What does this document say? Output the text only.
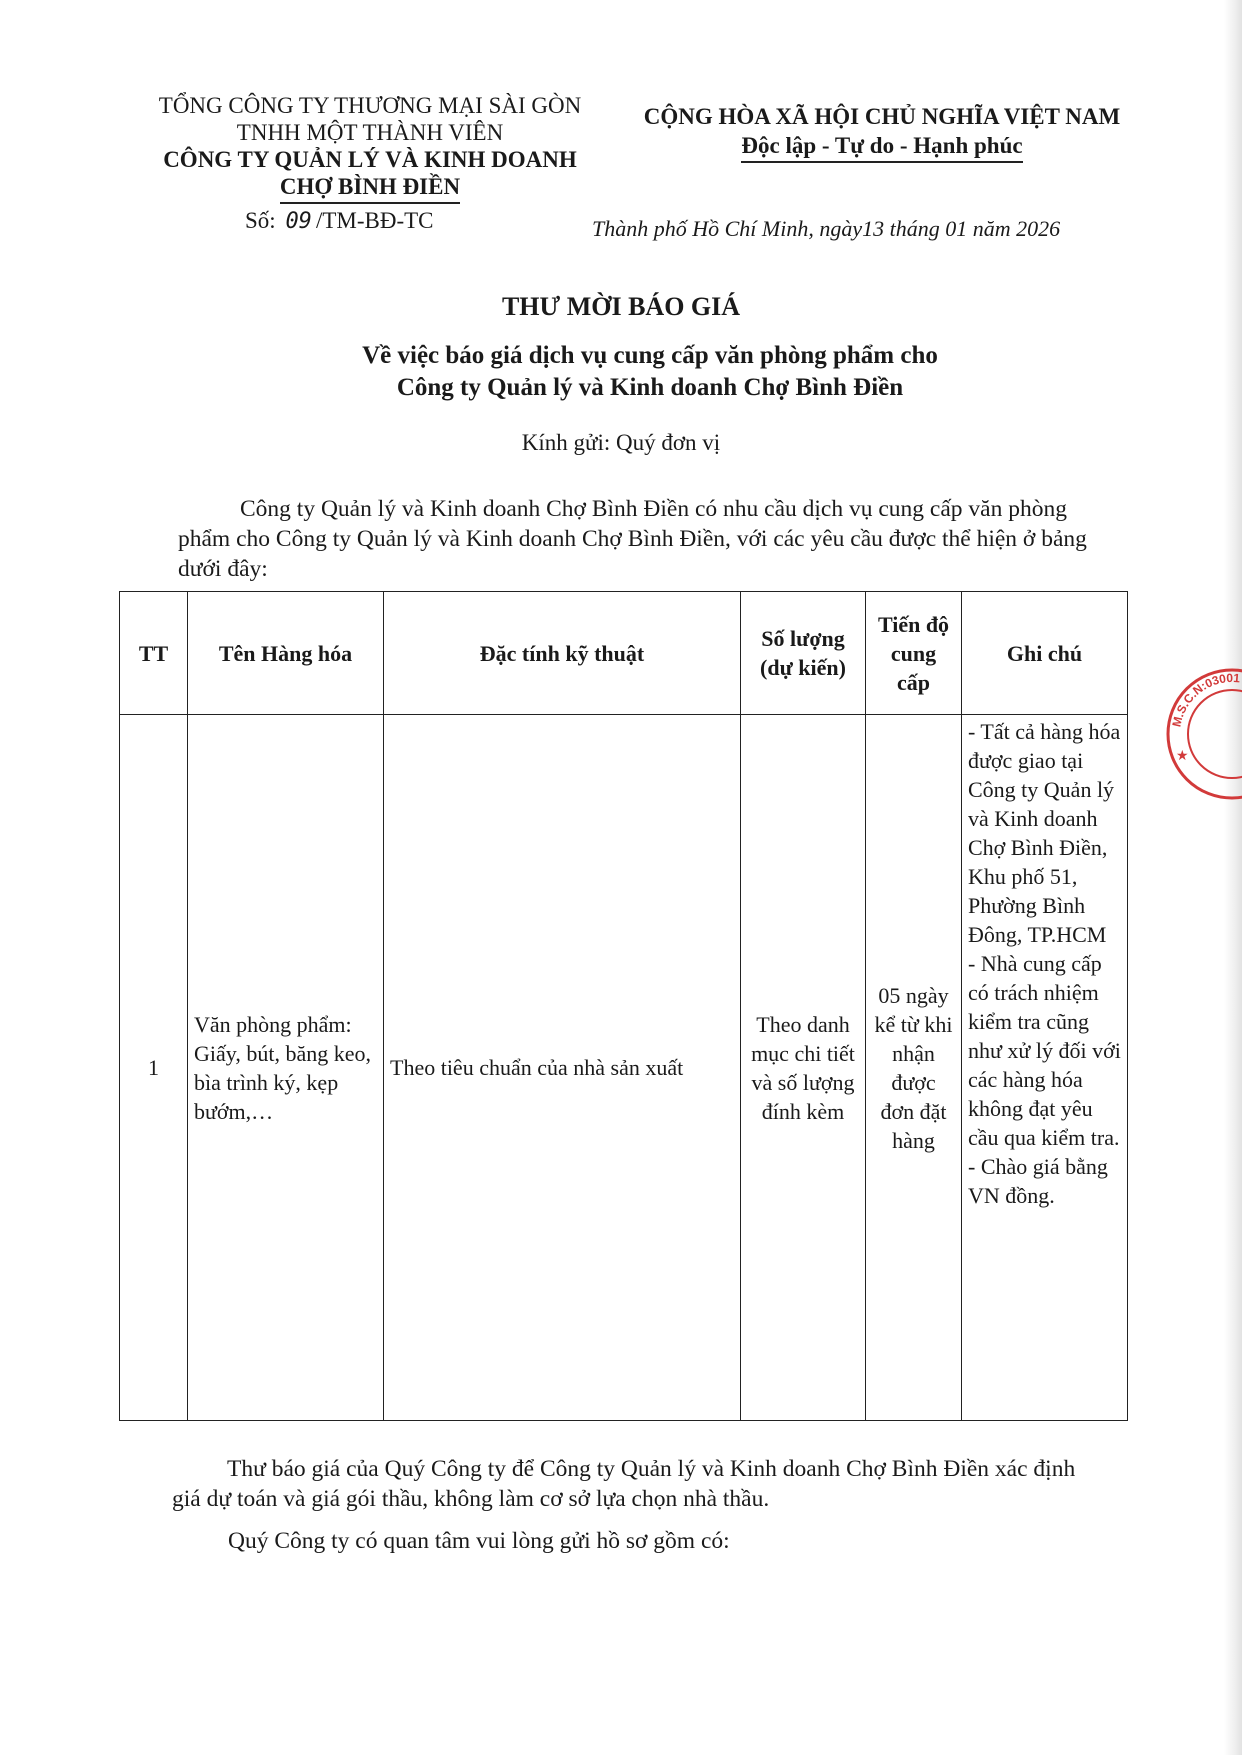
TỔNG CÔNG TY THƯƠNG MẠI SÀI GÒN
TNHH MỘT THÀNH VIÊN
CÔNG TY QUẢN LÝ VÀ KINH DOANH
CHỢ BÌNH ĐIỀN
CỘNG HÒA XÃ HỘI CHỦ NGHĨA VIỆT NAM
Độc lập - Tự do - Hạnh phúc
Số: 09 /TM-BĐ-TC	Thành phố Hồ Chí Minh, ngày13 tháng 01 năm 2026
THƯ MỜI BÁO GIÁ
Về việc báo giá dịch vụ cung cấp văn phòng phẩm cho
Công ty Quản lý và Kinh doanh Chợ Bình Điền
Kính gửi: Quý đơn vị
Công ty Quản lý và Kinh doanh Chợ Bình Điền có nhu cầu dịch vụ cung cấp văn phòng phẩm cho Công ty Quản lý và Kinh doanh Chợ Bình Điền, với các yêu cầu được thể hiện ở bảng dưới đây:
TT	Tên Hàng hóa	Đặc tính kỹ thuật	Số lượng (dự kiến)	Tiến độ cung cấp	Ghi chú
1	Văn phòng phẩm: Giấy, bút, băng keo, bìa trình ký, kẹp bướm,…	Theo tiêu chuẩn của nhà sản xuất	Theo danh mục chi tiết và số lượng đính kèm	05 ngày kể từ khi nhận được đơn đặt hàng	- Tất cả hàng hóa được giao tại Công ty Quản lý và Kinh doanh Chợ Bình Điền, Khu phố 51, Phường Bình Đông, TP.HCM
- Nhà cung cấp có trách nhiệm kiểm tra cũng như xử lý đối với các hàng hóa không đạt yêu cầu qua kiểm tra.
- Chào giá bằng VN đồng.
Thư báo giá của Quý Công ty để Công ty Quản lý và Kinh doanh Chợ Bình Điền xác định giá dự toán và giá gói thầu, không làm cơ sở lựa chọn nhà thầu.
Quý Công ty có quan tâm vui lòng gửi hồ sơ gồm có:
M.S.C.N:03001
★
